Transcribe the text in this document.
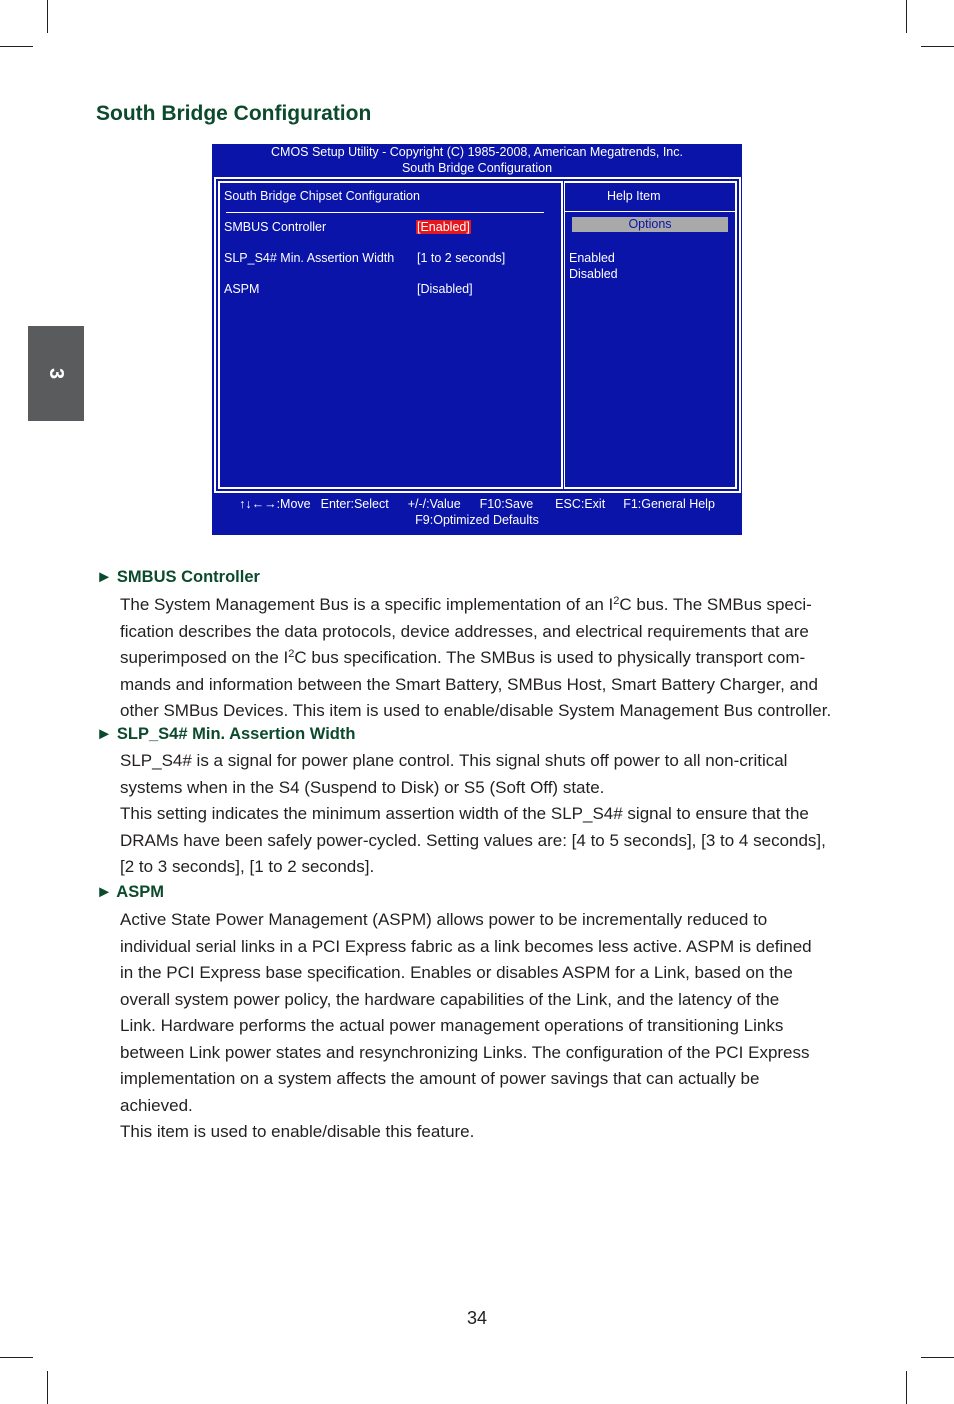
3
South Bridge Configuration
CMOS Setup Utility - Copyright (C) 1985-2008, American Megatrends, Inc.
South Bridge Configuration
South Bridge Chipset Configuration	Help Item
SMBUS Controller	[Enabled]
SLP_S4# Min. Assertion Width [1 to 2 seconds]
ASPM	[Disabled]
Options
Enabled
Disabled
↑↓←→:Move Enter:Select +/-/:Value F10:Save ESC:Exit F1:General Help
F9:Optimized Defaults
► SMBUS Controller
The System Management Bus is a specific implementation of an $I^2C$ bus. The SMBus speci-
fication describes the data protocols, device addresses, and electrical requirements that are
superimposed on the $I^2C$ bus specification. The SMBus is used to physically transport com-
mands and information between the Smart Battery, SMBus Host, Smart Battery Charger, and
other SMBus Devices. This item is used to enable/disable System Management Bus controller.
► SLP_S4# Min. Assertion Width
SLP_S4# is a signal for power plane control. This signal shuts off power to all non-critical
systems when in the S4 (Suspend to Disk) or S5 (Soft Off) state.
This setting indicates the minimum assertion width of the SLP_S4# signal to ensure that the
DRAMs have been safely power-cycled. Setting values are: [4 to 5 seconds], [3 to 4 seconds],
[2 to 3 seconds], [1 to 2 seconds].
► ASPM
Active State Power Management (ASPM) allows power to be incrementally reduced to
individual serial links in a PCI Express fabric as a link becomes less active. ASPM is defined
in the PCI Express base specification. Enables or disables ASPM for a Link, based on the
overall system power policy, the hardware capabilities of the Link, and the latency of the
Link. Hardware performs the actual power management operations of transitioning Links
between Link power states and resynchronizing Links. The configuration of the PCI Express
implementation on a system affects the amount of power savings that can actually be
achieved.
This item is used to enable/disable this feature.
34
